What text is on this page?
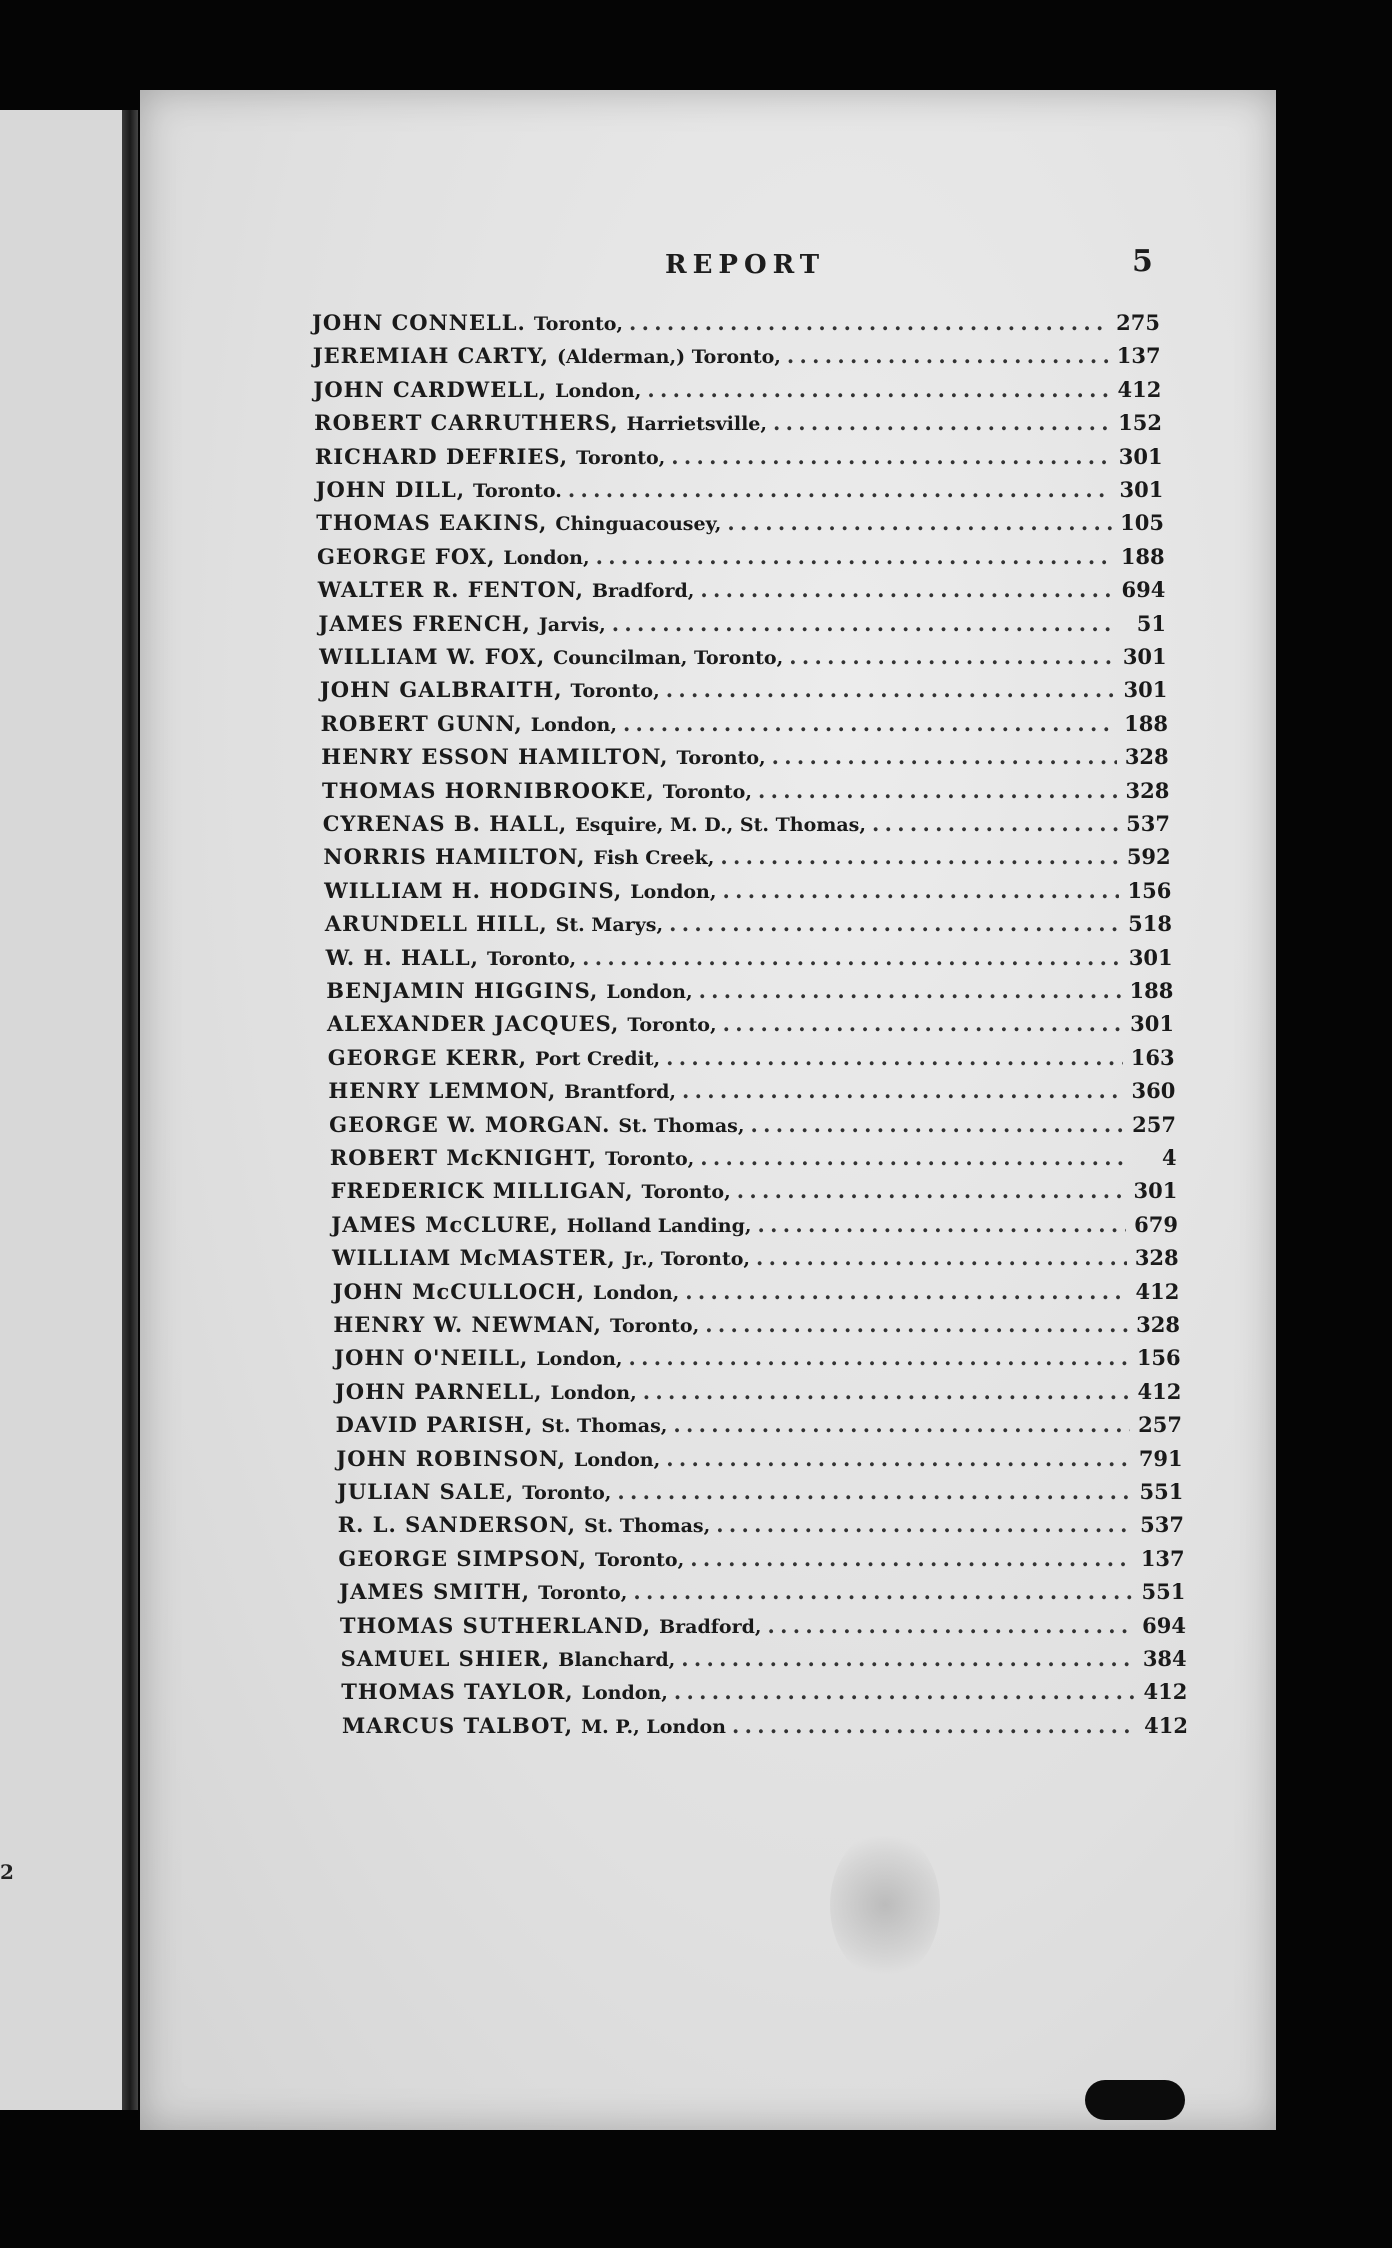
2
REPORT	5
JOHN CONNELL. Toronto, . . .	275
JEREMIAH CARTY, (Alderman,) Toronto, . . .	137
JOHN CARDWELL, London, . . .	412
ROBERT CARRUTHERS, Harrietsville, . . .	152
RICHARD DEFRIES, Toronto, . . .	301
JOHN DILL, Toronto. . . .	301
THOMAS EAKINS, Chinguacousey, . . .	105
GEORGE FOX, London, . . .	188
WALTER R. FENTON, Bradford, . . .	694
JAMES FRENCH, Jarvis, . . .	51
WILLIAM W. FOX, Councilman, Toronto, . . .	301
JOHN GALBRAITH, Toronto, . . .	301
ROBERT GUNN, London, . . .	188
HENRY ESSON HAMILTON, Toronto, . . .	328
THOMAS HORNIBROOKE, Toronto, . . .	328
CYRENAS B. HALL, Esquire, M. D., St. Thomas, . . .	537
NORRIS HAMILTON, Fish Creek, . . .	592
WILLIAM H. HODGINS, London, . . .	156
ARUNDELL HILL, St. Marys, . . .	518
W. H. HALL, Toronto, . . .	301
BENJAMIN HIGGINS, London, . . .	188
ALEXANDER JACQUES, Toronto, . . .	301
GEORGE KERR, Port Credit, . . .	163
HENRY LEMMON, Brantford, . . .	360
GEORGE W. MORGAN. St. Thomas, . . .	257
ROBERT McKNIGHT, Toronto, . . .	4
FREDERICK MILLIGAN, Toronto, . . .	301
JAMES McCLURE, Holland Landing, . . .	679
WILLIAM McMASTER, Jr., Toronto, . . .	328
JOHN McCULLOCH, London, . . .	412
HENRY W. NEWMAN, Toronto, . . .	328
JOHN O'NEILL, London, . . .	156
JOHN PARNELL, London, . . .	412
DAVID PARISH, St. Thomas, . . .	257
JOHN ROBINSON, London, . . .	791
JULIAN SALE, Toronto, . . .	551
R. L. SANDERSON, St. Thomas, . . .	537
GEORGE SIMPSON, Toronto, . . .	137
JAMES SMITH, Toronto, . . .	551
THOMAS SUTHERLAND, Bradford, . . .	694
SAMUEL SHIER, Blanchard, . . .	384
THOMAS TAYLOR, London, . . .	412
MARCUS TALBOT, M. P., London . . .	412
